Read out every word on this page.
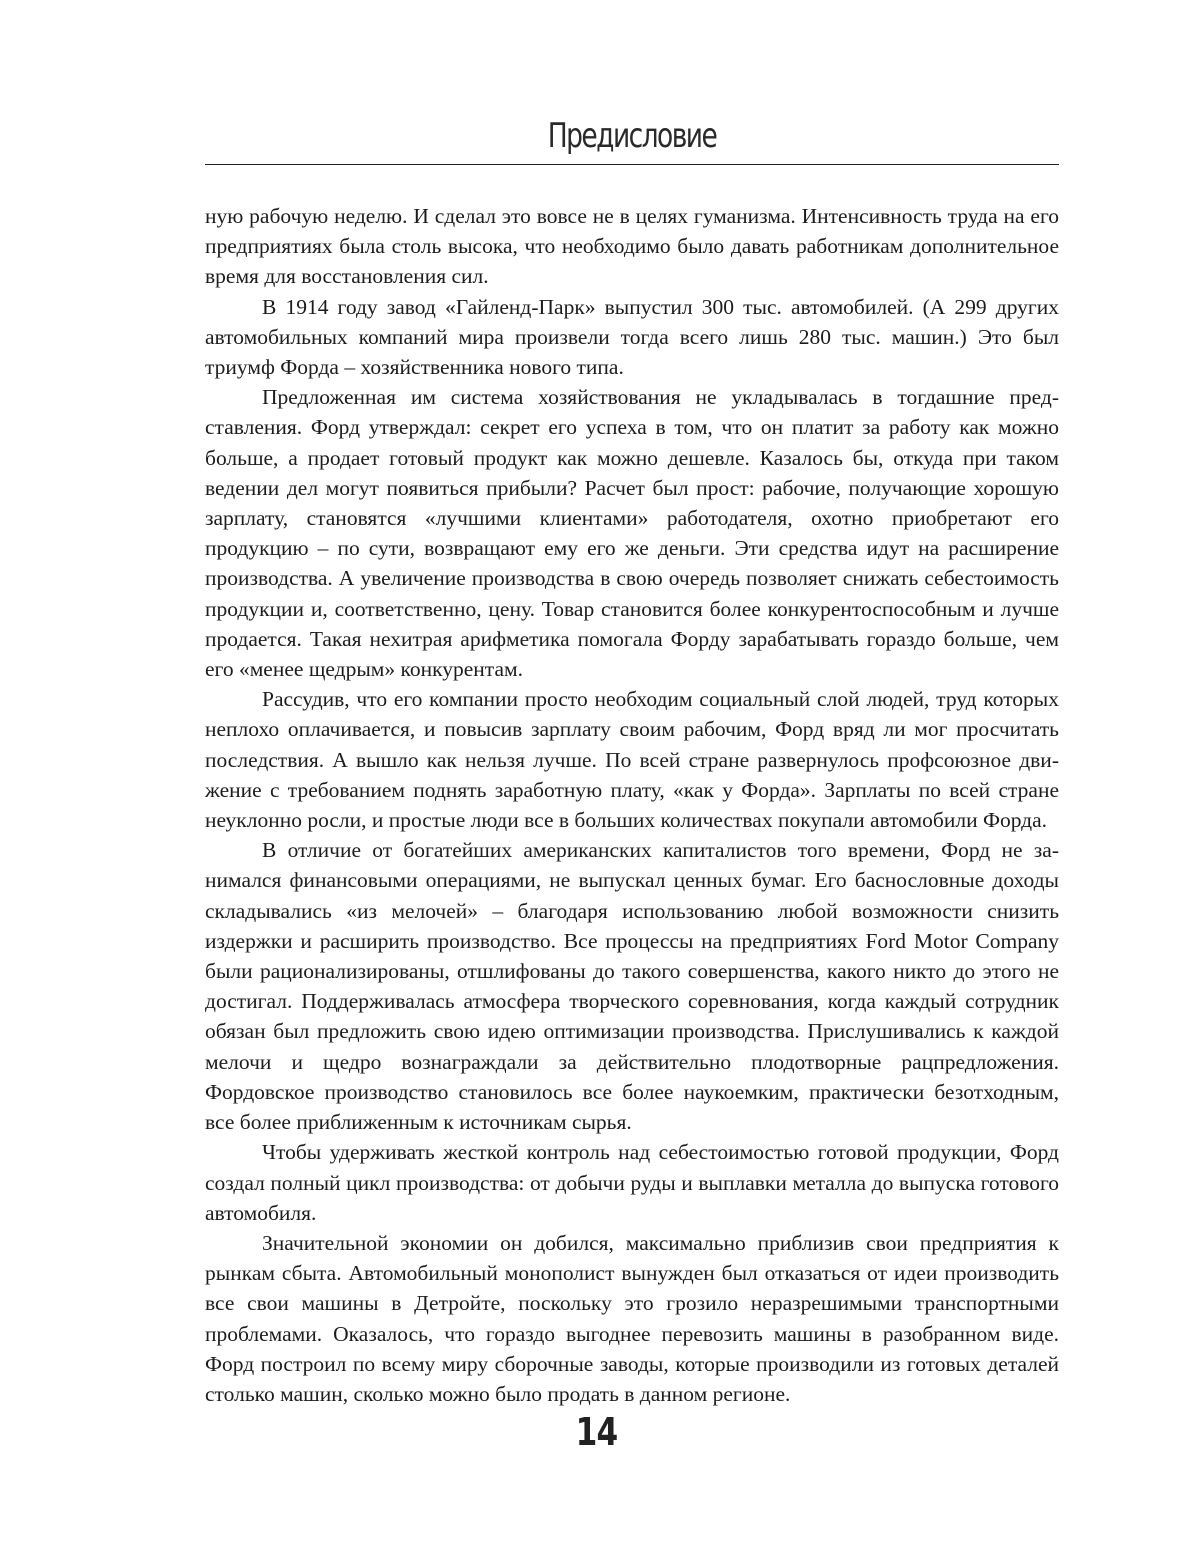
Предисловие

ную рабочую неделю. И сделал это вовсе не в целях гуманизма. Интенсивность труда на его предприятиях была столь высока, что необходимо было давать работникам дополнительное время для восстановления сил.

В 1914 году завод «Гайленд-Парк» выпустил 300 тыс. автомобилей. (А 299 других автомобильных компаний мира произвели тогда всего лишь 280 тыс. машин.) Это был триумф Форда – хозяйственника нового типа.

Предложенная им система хозяйствования не укладывалась в тогдашние представления. Форд утверждал: секрет его успеха в том, что он платит за работу как можно больше, а продает готовый продукт как можно дешевле. Казалось бы, откуда при таком ведении дел могут появиться прибыли? Расчет был прост: рабочие, получающие хорошую зарплату, становятся «лучшими клиентами» работодателя, охотно приобретают его продукцию – по сути, возвращают ему его же деньги. Эти средства идут на расширение производства. А увеличение производства в свою очередь позволяет снижать себестоимость продукции и, соответственно, цену. Товар становится более конкурентоспособным и лучше продается. Такая нехитрая арифметика помогала Форду зарабатывать гораздо больше, чем его «менее щедрым» конкурентам.

Рассудив, что его компании просто необходим социальный слой людей, труд которых неплохо оплачивается, и повысив зарплату своим рабочим, Форд вряд ли мог просчитать последствия. А вышло как нельзя лучше. По всей стране развернулось профсоюзное движение с требованием поднять заработную плату, «как у Форда». Зарплаты по всей стране неуклонно росли, и простые люди все в больших количествах покупали автомобили Форда.

В отличие от богатейших американских капиталистов того времени, Форд не занимался финансовыми операциями, не выпускал ценных бумаг. Его баснословные доходы складывались «из мелочей» – благодаря использованию любой возможности снизить издержки и расширить производство. Все процессы на предприятиях Ford Motor Company были рационализированы, отшлифованы до такого совершенства, какого никто до этого не достигал. Поддерживалась атмосфера творческого соревнования, когда каждый сотрудник обязан был предложить свою идею оптимизации производства. Прислушивались к каждой мелочи и щедро вознаграждали за действительно плодотворные рацпредложения. Фордовское производство становилось все более наукоемким, практически безотходным, все более приближенным к источникам сырья.

Чтобы удерживать жесткой контроль над себестоимостью готовой продукции, Форд создал полный цикл производства: от добычи руды и выплавки металла до выпуска готового автомобиля.

Значительной экономии он добился, максимально приблизив свои предприятия к рынкам сбыта. Автомобильный монополист вынужден был отказаться от идеи производить все свои машины в Детройте, поскольку это грозило неразрешимыми транспортными проблемами. Оказалось, что гораздо выгоднее перевозить машины в разобранном виде. Форд построил по всему миру сборочные заводы, которые производили из готовых деталей столько машин, сколько можно было продать в данном регионе.

14
